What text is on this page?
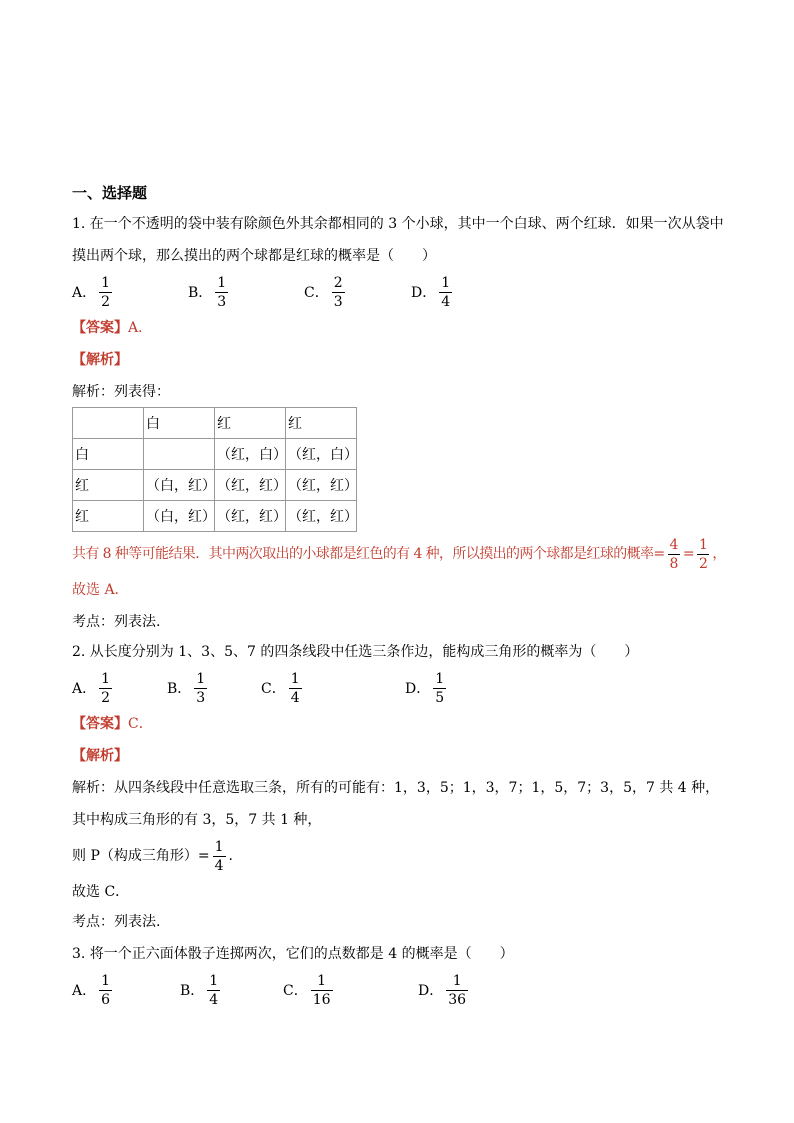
一、选择题
1. 在一个不透明的袋中装有除颜色外其余都相同的 3 个小球，其中一个白球、两个红球．如果一次从袋中
摸出两个球，那么摸出的两个球都是红球的概率是（　　）
A． $\frac{1}{2}$	B． $\frac{1}{3}$	C． $\frac{2}{3}$	D． $\frac{1}{4}$
【答案】A．
【解析】
解析：列表得：
	白	红	红
白		（红，白）	（红，白）
红	（白，红）	（红，红）	（红，红）
红	（白，红）	（红，红）	（红，红）
共有 8 种等可能结果．其中两次取出的小球都是红色的有 4 种，所以摸出的两个球都是红球的概率= $\frac{4}{8} = \frac{1}{2}$ ，
故选 A．
考点：列表法.
2. 从长度分别为 1、3、5、7 的四条线段中任选三条作边，能构成三角形的概率为（　　）
A． $\frac{1}{2}$	B． $\frac{1}{3}$	C． $\frac{1}{4}$	D． $\frac{1}{5}$
【答案】C．
【解析】
解析：从四条线段中任意选取三条，所有的可能有：1，3，5；1，3，7；1，5，7；3，5，7 共 4 种，
其中构成三角形的有 3，5，7 共 1 种，
则 P（构成三角形）= $\frac{1}{4}$ .
故选 C．
考点：列表法.
3. 将一个正六面体骰子连掷两次，它们的点数都是 4 的概率是（　　）
A． $\frac{1}{6}$	B． $\frac{1}{4}$	C． $\frac{1}{16}$	D． $\frac{1}{36}$
